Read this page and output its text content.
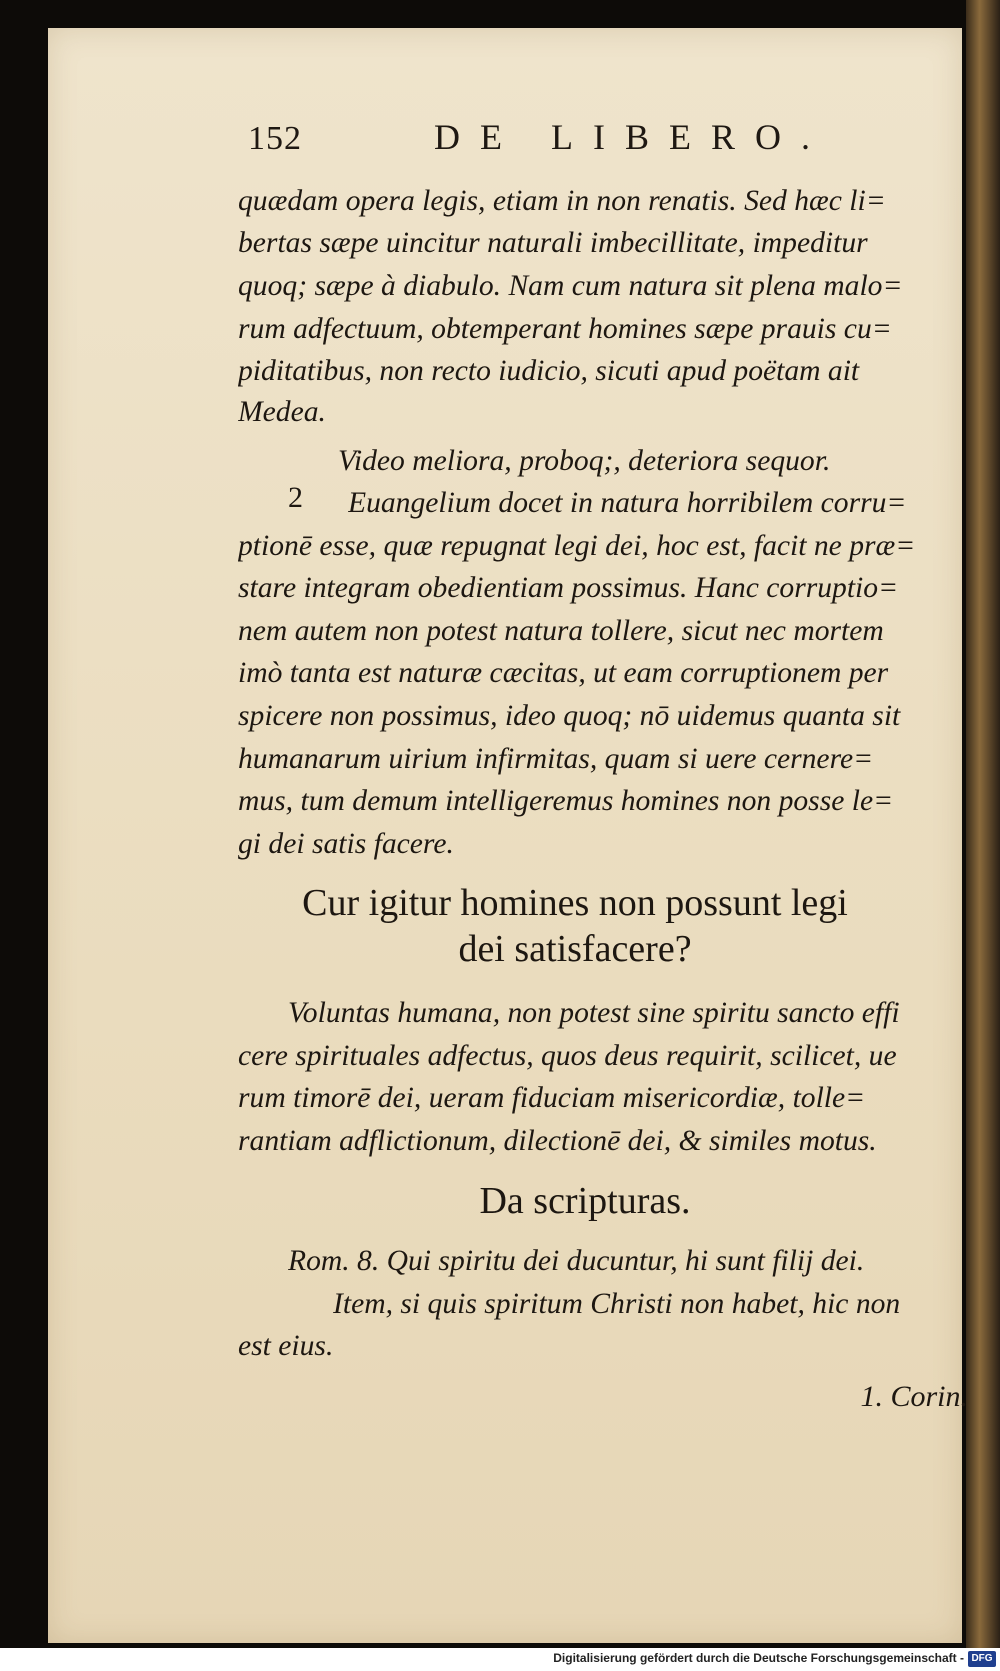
152	DE LIBERO.
quædam opera legis, etiam in non renatis. Sed hæc li=
bertas sæpe uincitur naturali imbecillitate, impeditur
quoq; sæpe à diabulo. Nam cum natura sit plena malo=
rum adfectuum, obtemperant homines sæpe prauis cu=
piditatibus, non recto iudicio, sicuti apud poëtam ait
Medea.
Video meliora, proboq;, deteriora sequor.
2 Euangelium docet in natura horribilem corru=
ptionē esse, quæ repugnat legi dei, hoc est, facit ne præ=
stare integram obedientiam possimus. Hanc corruptio=
nem autem non potest natura tollere, sicut nec mortem
imò tanta est naturæ cæcitas, ut eam corruptionem per
spicere non possimus, ideo quoq; nō uidemus quanta sit
humanarum uirium infirmitas, quam si uere cernere=
mus, tum demum intelligeremus homines non posse le=
gi dei satis facere.
Cur igitur homines non possunt legi
dei satisfacere?
Voluntas humana, non potest sine spiritu sancto effi
cere spirituales adfectus, quos deus requirit, scilicet, ue
rum timorē dei, ueram fiduciam misericordiæ, tolle=
rantiam adflictionum, dilectionē dei, & similes motus.
Da scripturas.
Rom. 8. Qui spiritu dei ducuntur, hi sunt filij dei.
Item, si quis spiritum Christi non habet, hic non
est eius.
1. Corin.
Digitalisierung gefördert durch die Deutsche Forschungsgemeinschaft - DFG
